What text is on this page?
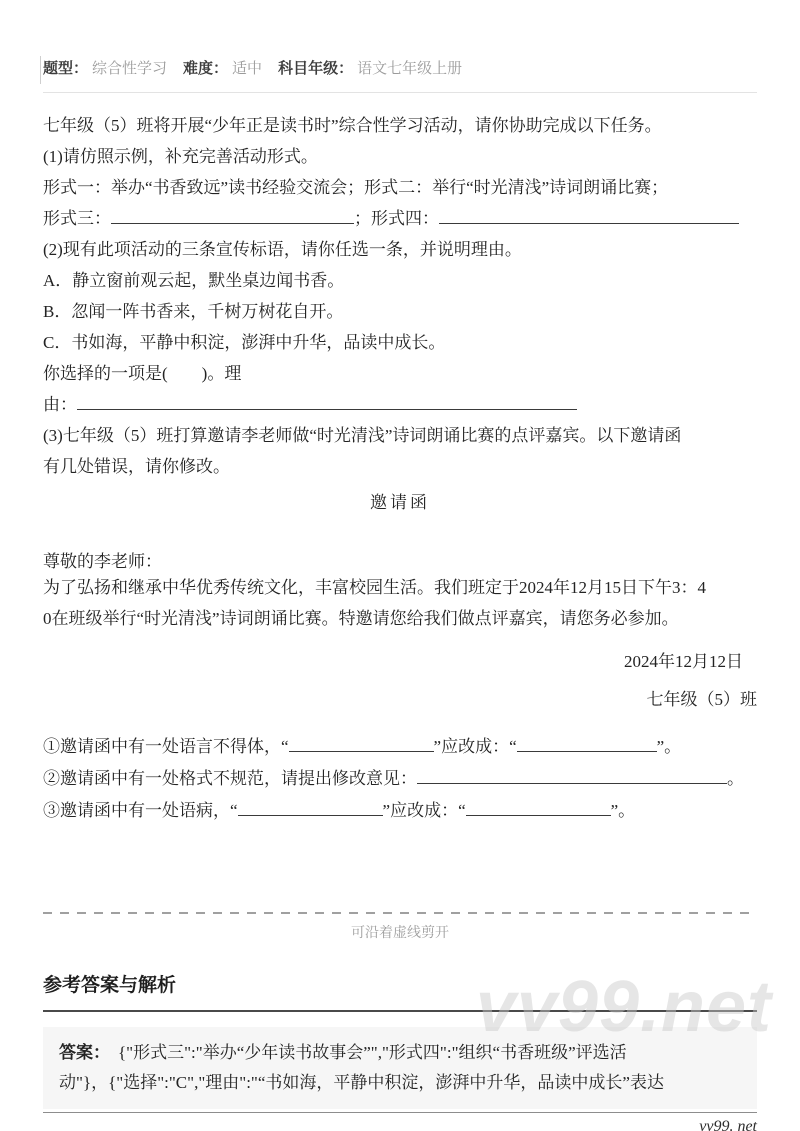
题型： 综合性学习 难度： 适中 科目年级： 语文七年级上册
七年级（5）班将开展“少年正是读书时”综合性学习活动，请你协助完成以下任务。
(1)请仿照示例，补充完善活动形式。
形式一：举办“书香致远”读书经验交流会；形式二：举行“时光清浅”诗词朗诵比赛；
形式三：	；形式四：
(2)现有此项活动的三条宣传标语，请你任选一条，并说明理由。
A．静立窗前观云起，默坐桌边闻书香。
B．忽闻一阵书香来，千树万树花自开。
C．书如海，平静中积淀，澎湃中升华，品读中成长。
你选择的一项是(　　)。理
由：
(3)七年级（5）班打算邀请李老师做“时光清浅”诗词朗诵比赛的点评嘉宾。以下邀请函
有几处错误，请你修改。
邀请函
尊敬的李老师：
为了弘扬和继承中华优秀传统文化，丰富校园生活。我们班定于2024年12月15日下午3：4
0在班级举行“时光清浅”诗词朗诵比赛。特邀请您给我们做点评嘉宾，请您务必参加。
2024年12月12日
七年级（5）班
①邀请函中有一处语言不得体，“	”应改成：“	”。
②邀请函中有一处格式不规范，请提出修改意见：	。
③邀请函中有一处语病，“	”应改成：“	”。
可沿着虚线剪开
参考答案与解析
答案： {"形式三":"举办“少年读书故事会”","形式四":"组织“书香班级”评选活
动"}，{"选择":"C","理由":"“书如海，平静中积淀，澎湃中升华，品读中成长”表达
vv99. net
vv99.net
